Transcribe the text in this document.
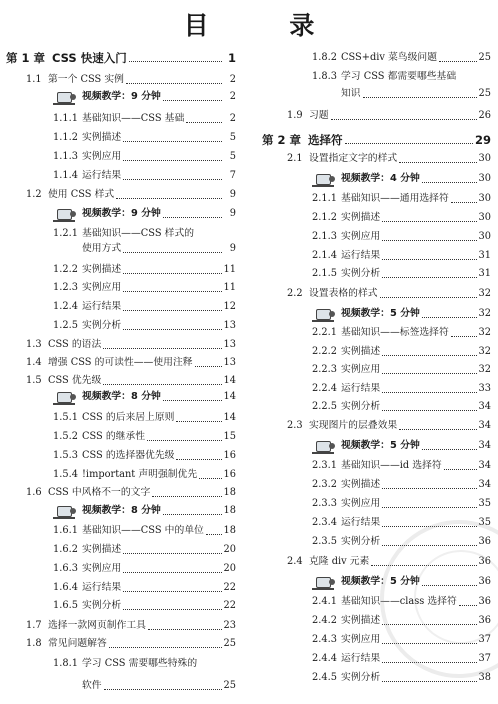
目 录
第 1 章 CSS 快速入门	1
1.1 第一个 CSS 实例	2
视频教学：9 分钟	2
1.1.1 基础知识——CSS 基础	2
1.1.2 实例描述	5
1.1.3 实例应用	5
1.1.4 运行结果	7
1.2 使用 CSS 样式	9
视频教学：9 分钟	9
1.2.1 基础知识——CSS 样式的
使用方式	9
1.2.2 实例描述	11
1.2.3 实例应用	11
1.2.4 运行结果	12
1.2.5 实例分析	13
1.3 CSS 的语法	13
1.4 增强 CSS 的可读性——使用注释	13
1.5 CSS 优先级	14
视频教学：8 分钟	14
1.5.1 CSS 的后来居上原则	14
1.5.2 CSS 的继承性	15
1.5.3 CSS 的选择器优先级	16
1.5.4 !important 声明强制优先	16
1.6 CSS 中风格不一的文字	18
视频教学：8 分钟	18
1.6.1 基础知识——CSS 中的单位 18
1.6.2 实例描述	20
1.6.3 实例应用	20
1.6.4 运行结果	22
1.6.5 实例分析	22
1.7 选择一款网页制作工具	23
1.8 常见问题解答	25
1.8.1 学习 CSS 需要哪些特殊的
软件	25
1.8.2 CSS+div 菜鸟级问题	25
1.8.3 学习 CSS 都需要哪些基础
知识	25
1.9 习题	26
第 2 章 选择符	29
2.1 设置指定文字的样式	30
视频教学：4 分钟	30
2.1.1 基础知识——通用选择符	30
2.1.2 实例描述	30
2.1.3 实例应用	30
2.1.4 运行结果	31
2.1.5 实例分析	31
2.2 设置表格的样式	32
视频教学：5 分钟	32
2.2.1 基础知识——标签选择符	32
2.2.2 实例描述	32
2.2.3 实例应用	32
2.2.4 运行结果	33
2.2.5 实例分析	34
2.3 实现图片的层叠效果	34
视频教学：5 分钟	34
2.3.1 基础知识——id 选择符	34
2.3.2 实例描述	34
2.3.3 实例应用	35
2.3.4 运行结果	35
2.3.5 实例分析	36
2.4 克隆 div 元素	36
视频教学：5 分钟	36
2.4.1 基础知识——class 选择符 36
2.4.2 实例描述	36
2.4.3 实例应用	37
2.4.4 运行结果	37
2.4.5 实例分析	38
